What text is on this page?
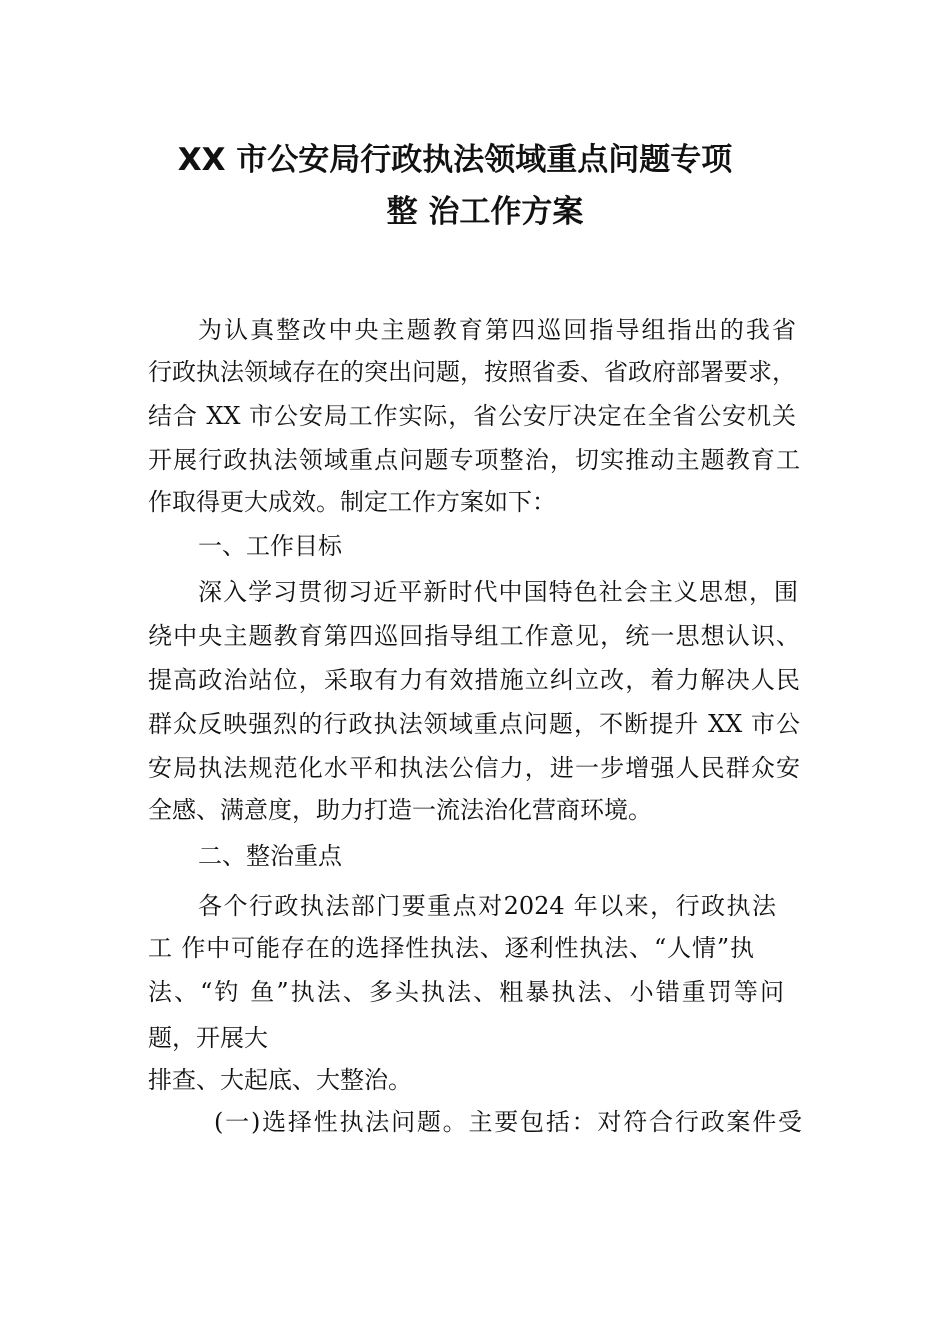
XX 市公安局行政执法领域重点问题专项
整 治工作方案
为认真整改中央主题教育第四巡回指导组指出的我省
行政执法领域存在的突出问题，按照省委、省政府部署要求，
结合 XX 市公安局工作实际，省公安厅决定在全省公安机关
开展行政执法领域重点问题专项整治，切实推动主题教育工
作取得更大成效。制定工作方案如下：
一、工作目标
深入学习贯彻习近平新时代中国特色社会主义思想，围
绕中央主题教育第四巡回指导组工作意见，统一思想认识、
提高政治站位，采取有力有效措施立纠立改，着力解决人民
群众反映强烈的行政执法领域重点问题，不断提升 XX 市公
安局执法规范化水平和执法公信力，进一步增强人民群众安
全感、满意度，助力打造一流法治化营商环境。
二、整治重点
各个行政执法部门要重点对2024 年以来，行政执法
工 作中可能存在的选择性执法、逐利性执法、“人情”执
法、“钓 鱼”执法、多头执法、粗暴执法、小错重罚等问
题，开展大
排查、大起底、大整治。
(一)选择性执法问题。主要包括：对符合行政案件受
